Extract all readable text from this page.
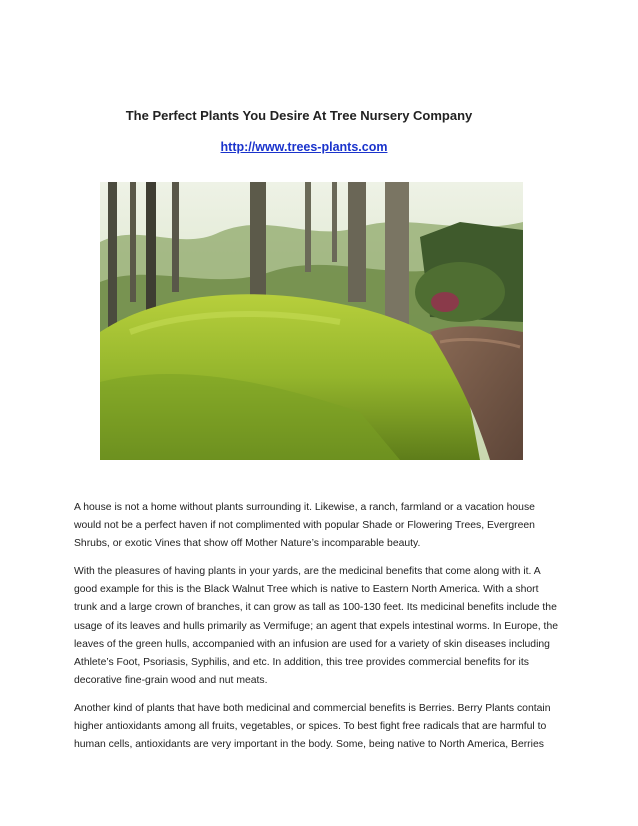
The Perfect Plants You Desire At Tree Nursery Company
http://www.trees-plants.com

A house is not a home without plants surrounding it. Likewise, a ranch, farmland or a vacation house would not be a perfect haven if not complimented with popular Shade or Flowering Trees, Evergreen Shrubs, or exotic Vines that show off Mother Nature’s incomparable beauty.

With the pleasures of having plants in your yards, are the medicinal benefits that come along with it. A good example for this is the Black Walnut Tree which is native to Eastern North America. With a short trunk and a large crown of branches, it can grow as tall as 100-130 feet. Its medicinal benefits include the usage of its leaves and hulls primarily as Vermifuge; an agent that expels intestinal worms. In Europe, the leaves of the green hulls, accompanied with an infusion are used for a variety of skin diseases including Athlete’s Foot, Psoriasis, Syphilis, and etc. In addition, this tree provides commercial benefits for its decorative fine-grain wood and nut meats.

Another kind of plants that have both medicinal and commercial benefits is Berries. Berry Plants contain higher antioxidants among all fruits, vegetables, or spices. To best fight free radicals that are harmful to human cells, antioxidants are very important in the body. Some, being native to North America, Berries
